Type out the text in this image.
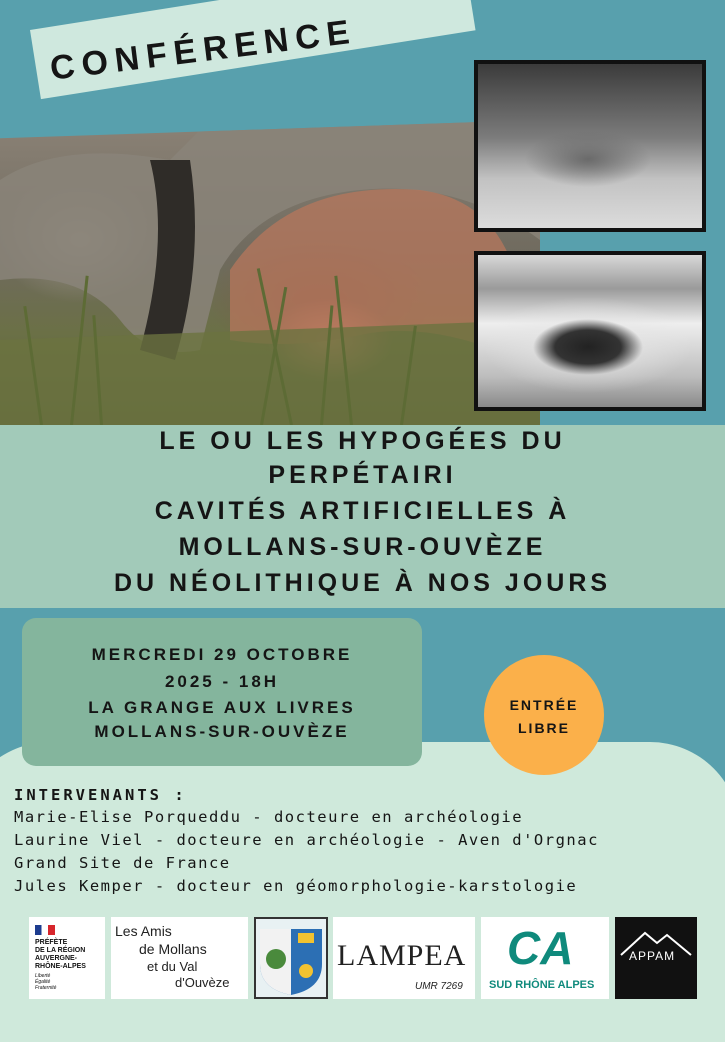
CONFÉRENCE
LE OU LES HYPOGÉES DU
PERPÉTAIRI
CAVITÉS ARTIFICIELLES À
MOLLANS-SUR-OUVÈZE
DU NÉOLITHIQUE À NOS JOURS
MERCREDI 29 OCTOBRE
2025 - 18H
LA GRANGE AUX LIVRES
MOLLANS-SUR-OUVÈZE
ENTRÉE
LIBRE
INTERVENANTS :
Marie-Elise Porqueddu - docteure en archéologie
Laurine Viel - docteure en archéologie - Aven d'Orgnac
Grand Site de France
Jules Kemper - docteur en géomorphologie-karstologie
PRÉFÈTE
DE LA RÉGION
AUVERGNE-
RHÔNE-ALPES
Liberté
Égalité
Fraternité
Les Amis
de Mollans
et du Val
d'Ouvèze
LAMPEA
UMR 7269
CA
SUD RHÔNE ALPES
APPAM
